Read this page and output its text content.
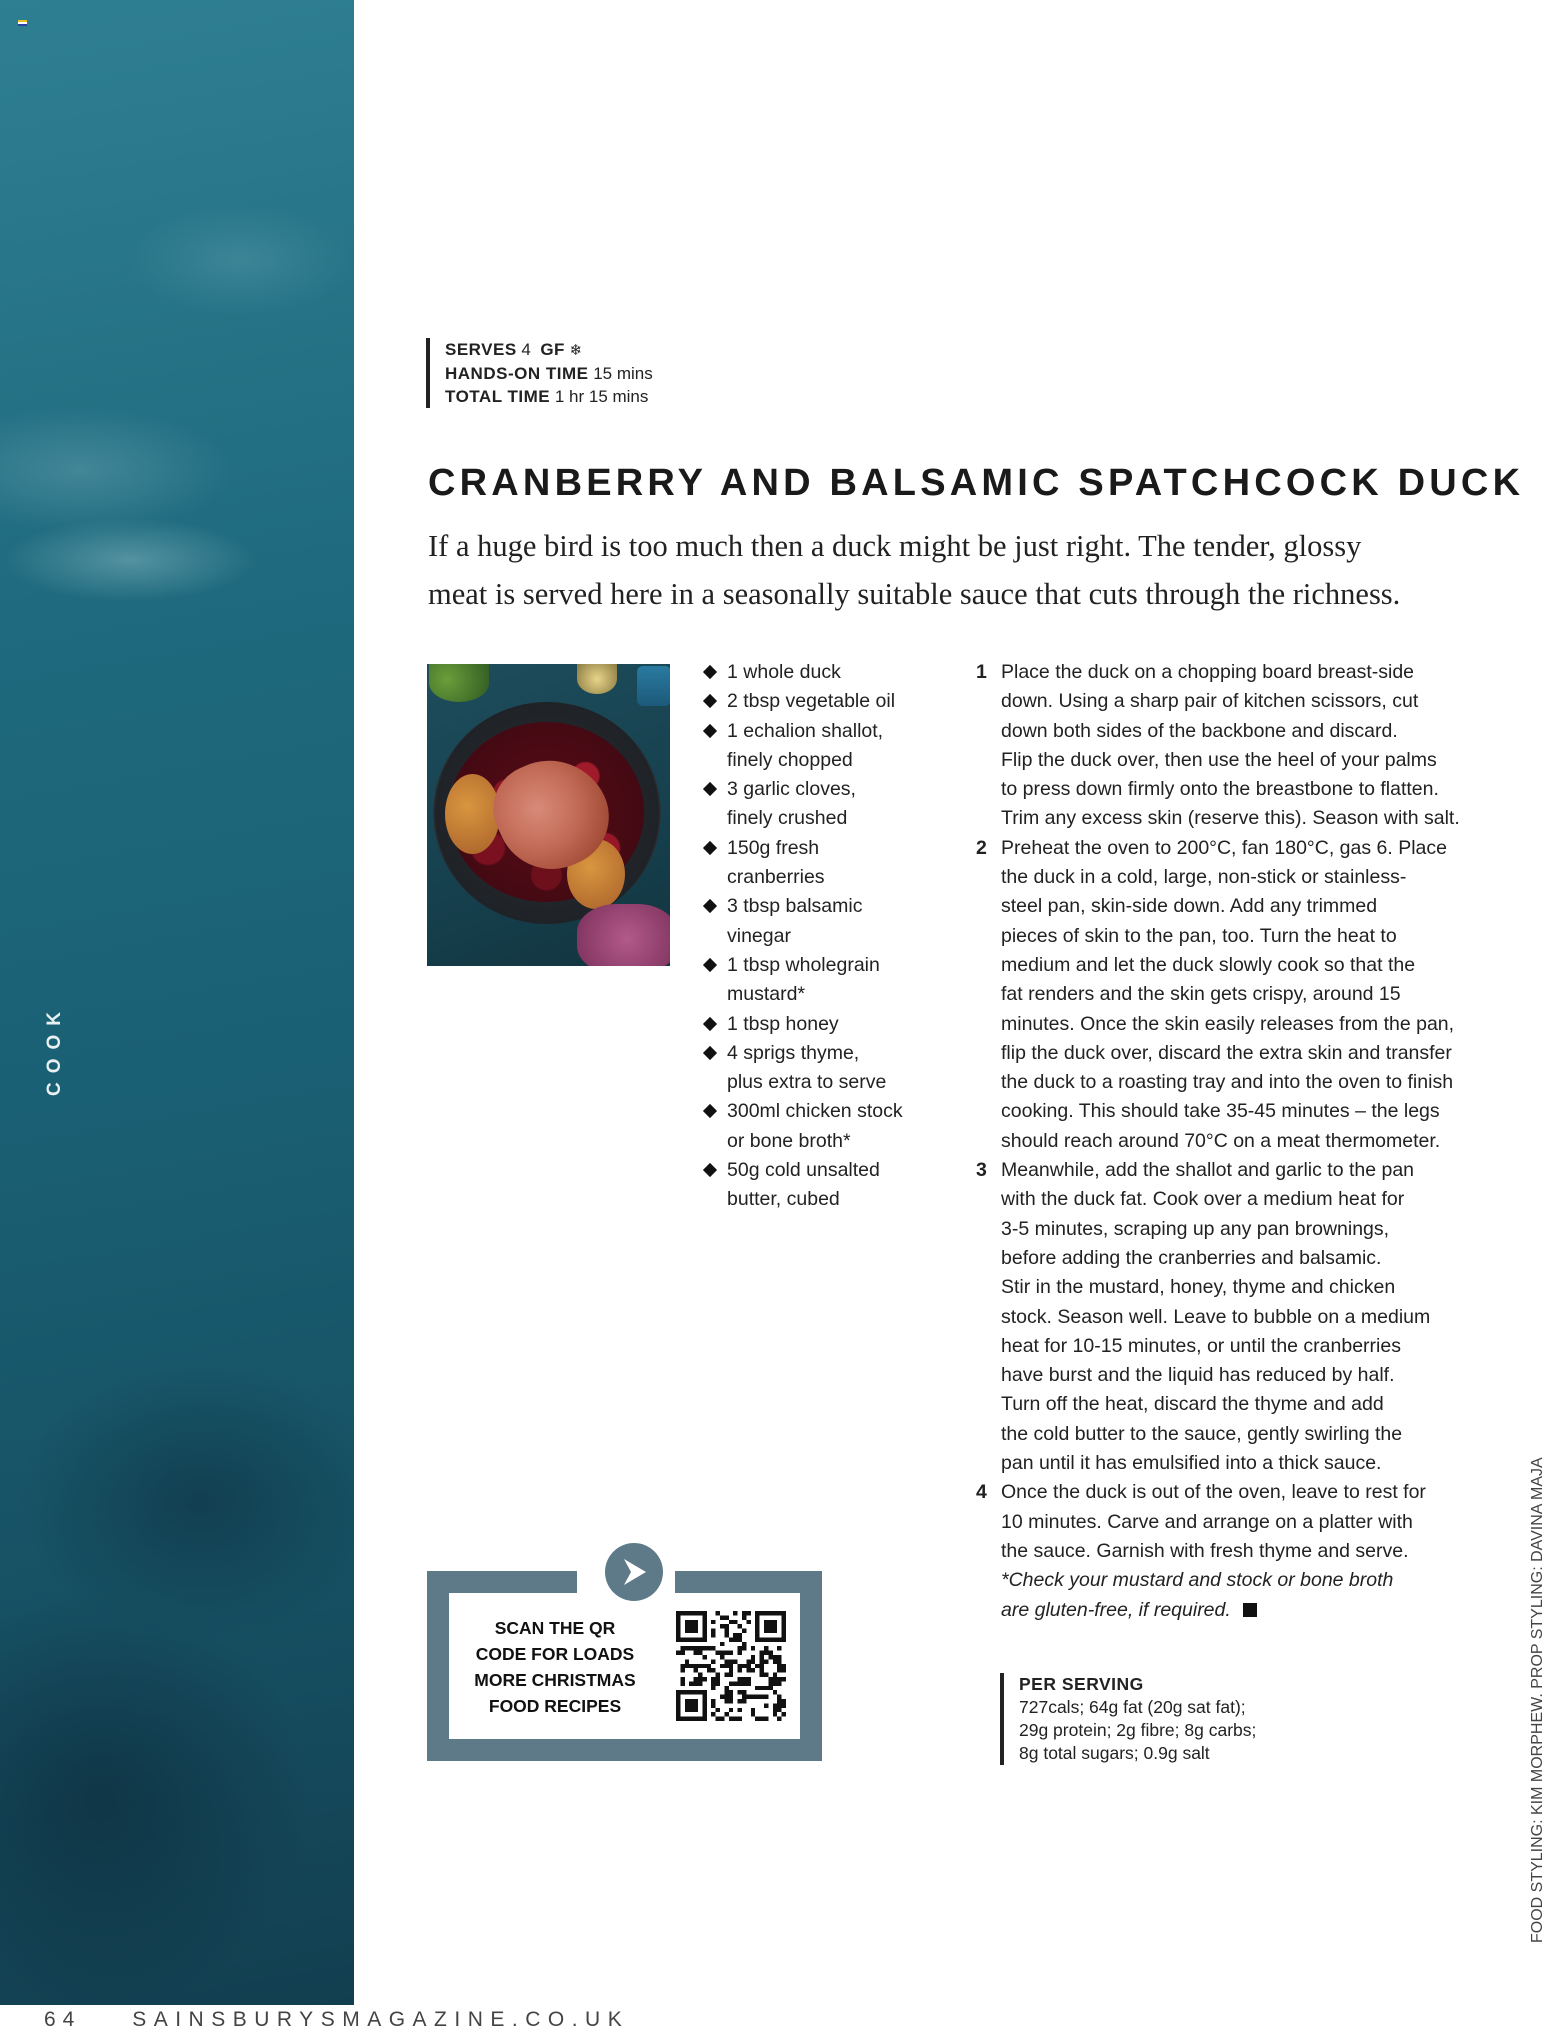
COOK
SERVES 4 GF ❄
HANDS-ON TIME 15 mins
TOTAL TIME 1 hr 15 mins
CRANBERRY AND BALSAMIC SPATCHCOCK DUCK
If a huge bird is too much then a duck might be just right. The tender, glossy
meat is served here in a seasonally suitable sauce that cuts through the richness.
1 whole duck
2 tbsp vegetable oil
1 echalion shallot,
finely chopped
3 garlic cloves,
finely crushed
150g fresh
cranberries
3 tbsp balsamic
vinegar
1 tbsp wholegrain
mustard*
1 tbsp honey
4 sprigs thyme,
plus extra to serve
300ml chicken stock
or bone broth*
50g cold unsalted
butter, cubed
1 Place the duck on a chopping board breast-side
down. Using a sharp pair of kitchen scissors, cut
down both sides of the backbone and discard.
Flip the duck over, then use the heel of your palms
to press down firmly onto the breastbone to flatten.
Trim any excess skin (reserve this). Season with salt.
2 Preheat the oven to 200°C, fan 180°C, gas 6. Place
the duck in a cold, large, non-stick or stainless-
steel pan, skin-side down. Add any trimmed
pieces of skin to the pan, too. Turn the heat to
medium and let the duck slowly cook so that the
fat renders and the skin gets crispy, around 15
minutes. Once the skin easily releases from the pan,
flip the duck over, discard the extra skin and transfer
the duck to a roasting tray and into the oven to finish
cooking. This should take 35-45 minutes – the legs
should reach around 70°C on a meat thermometer.
3 Meanwhile, add the shallot and garlic to the pan
with the duck fat. Cook over a medium heat for
3-5 minutes, scraping up any pan brownings,
before adding the cranberries and balsamic.
Stir in the mustard, honey, thyme and chicken
stock. Season well. Leave to bubble on a medium
heat for 10-15 minutes, or until the cranberries
have burst and the liquid has reduced by half.
Turn off the heat, discard the thyme and add
the cold butter to the sauce, gently swirling the
pan until it has emulsified into a thick sauce.
4 Once the duck is out of the oven, leave to rest for
10 minutes. Carve and arrange on a platter with
the sauce. Garnish with fresh thyme and serve.
*Check your mustard and stock or bone broth
are gluten-free, if required.
PER SERVING
727cals; 64g fat (20g sat fat);
29g protein; 2g fibre; 8g carbs;
8g total sugars; 0.9g salt
SCAN THE QR
CODE FOR LOADS
MORE CHRISTMAS
FOOD RECIPES	FOOD STYLING: KIM MORPHEW. PROP STYLING: DAVINA MAJA
64 SAINSBURYSMAGAZINE.CO.UK
